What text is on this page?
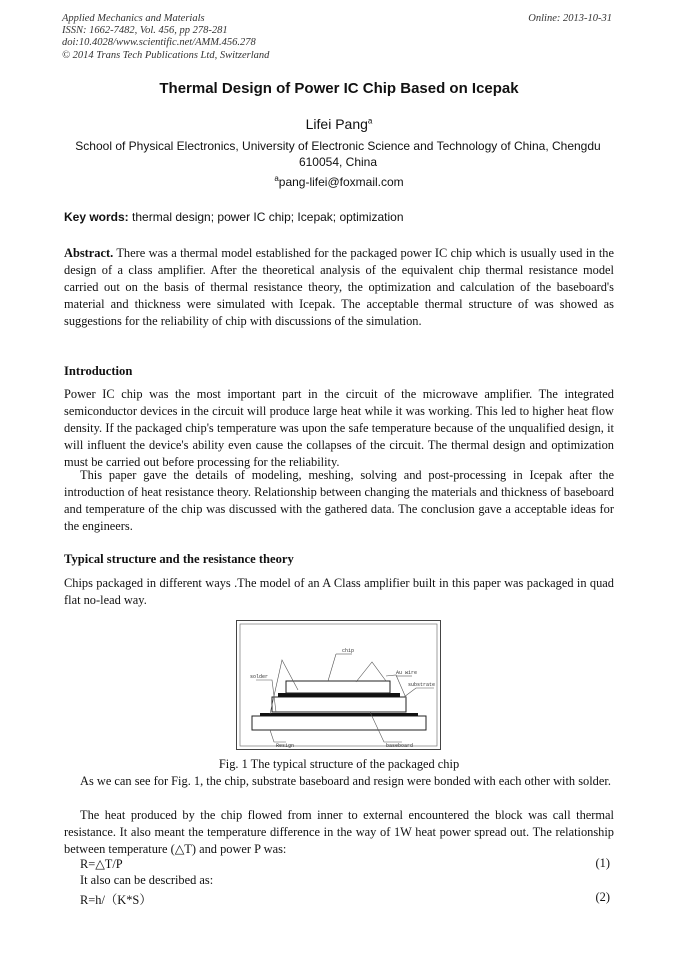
Applied Mechanics and Materials
ISSN: 1662-7482, Vol. 456, pp 278-281
doi:10.4028/www.scientific.net/AMM.456.278
© 2014 Trans Tech Publications Ltd, Switzerland
Online: 2013-10-31
Thermal Design of Power IC Chip Based on Icepak
Lifei Pang$^a$
School of Physical Electronics, University of Electronic Science and Technology of China, Chengdu 610054, China
$^a$pang-lifei@foxmail.com
Key words: thermal design; power IC chip; Icepak; optimization
Abstract. There was a thermal model established for the packaged power IC chip which is usually used in the design of a class amplifier. After the theoretical analysis of the equivalent chip thermal resistance model carried out on the basis of thermal resistance theory, the optimization and calculation of the baseboard's material and thickness were simulated with Icepak. The acceptable thermal structure of was showed as suggestions for the reliability of chip with discussions of the simulation.
Introduction
Power IC chip was the most important part in the circuit of the microwave amplifier. The integrated semiconductor devices in the circuit will produce large heat while it was working. This led to higher heat flow density. If the packaged chip's temperature was upon the safe temperature because of the unqualified design, it will influent the device's ability even cause the collapses of the circuit. The thermal design and optimization must be carried out before processing for the reliability.
This paper gave the details of modeling, meshing, solving and post-processing in Icepak after the introduction of heat resistance theory. Relationship between changing the materials and thickness of baseboard and temperature of the chip was discussed with the gathered data. The conclusion gave a acceptable ideas for the engineers.
Typical structure and the resistance theory
Chips packaged in different ways .The model of an A Class amplifier built in this paper was packaged in quad flat no-lead way.
chip
solder
Au wire
substrate
Resign	baseboard
Fig. 1 The typical structure of the packaged chip
As we can see for Fig. 1, the chip, substrate baseboard and resign were bonded with each other with solder.
The heat produced by the chip flowed from inner to external encountered the block was call thermal resistance. It also meant the temperature difference in the way of 1W heat power spread out. The relationship between temperature (△T) and power P was:
R=△T/P	(1)
It also can be described as:
R=h/（K*S）	(2)
